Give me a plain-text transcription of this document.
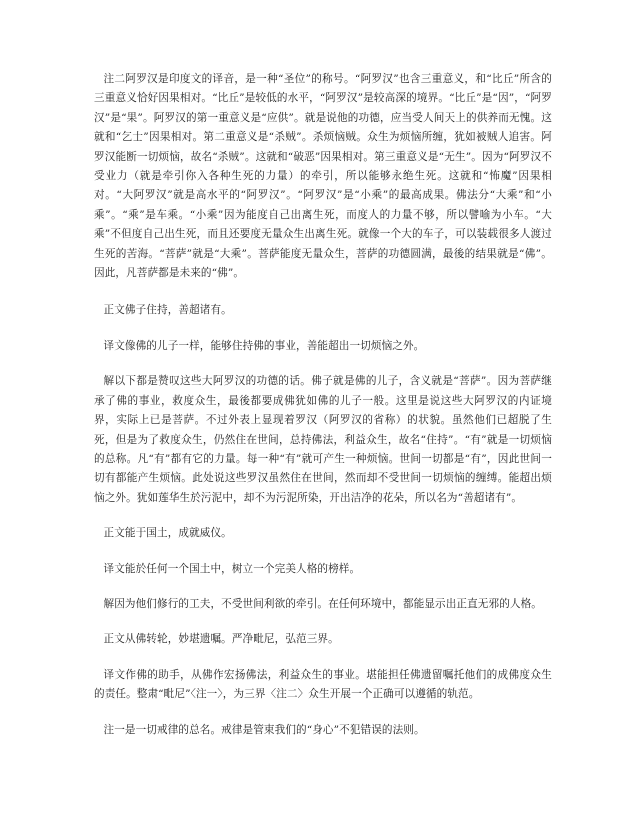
注二阿罗汉是印度文的译音，是一种“圣位”的称号。“阿罗汉”也含三重意义，和“比丘”所含的三重意义恰好因果相对。“比丘”是较低的水平，“阿罗汉”是较高深的境界。“比丘”是“因”，“阿罗汉”是“果”。阿罗汉的第一重意义是“应供”。就是说他的功德，应当受人间天上的供养而无愧。这就和“乞士”因果相对。第二重意义是“杀贼”。杀烦恼贼。众生为烦恼所缠，犹如被贼人追害。阿罗汉能断一切烦恼，故名“杀贼”。这就和“破恶”因果相对。第三重意义是“无生”。因为“阿罗汉不受业力（就是牵引你入各种生死的力量）的牵引，所以能够永绝生死。这就和“怖魔”因果相对。“大阿罗汉”就是高水平的“阿罗汉”。“阿罗汉”是“小乘”的最高成果。佛法分“大乘”和“小乘”。“乘”是车乘。“小乘”因为能度自己出离生死，而度人的力量不够，所以譬喻为小车。“大乘”不但度自己出生死，而且还要度无量众生出离生死。就像一个大的车子，可以装载很多人渡过生死的苦海。“菩萨”就是“大乘”。菩萨能度无量众生，菩萨的功德圆满，最後的结果就是“佛”。因此，凡菩萨都是未来的“佛”。

正文佛子住持，善超诸有。

译文像佛的儿子一样，能够住持佛的事业，善能超出一切烦恼之外。

解以下都是赞叹这些大阿罗汉的功德的话。佛子就是佛的儿子，含义就是“菩萨”。因为菩萨继承了佛的事业，救度众生，最後都要成佛犹如佛的儿子一般。这里是说这些大阿罗汉的内证境界，实际上已是菩萨。不过外表上显现着罗汉（阿罗汉的省称）的状貌。虽然他们已超脱了生死，但是为了救度众生，仍然住在世间，总持佛法，利益众生，故名“住持”。“有”就是一切烦恼的总称。凡“有”都有它的力量。每一种“有”就可产生一种烦恼。世间一切都是“有”，因此世间一切有都能产生烦恼。此处说这些罗汉虽然住在世间，然而却不受世间一切烦恼的缠缚。能超出烦恼之外。犹如莲华生於污泥中，却不为污泥所染，开出洁净的花朵，所以名为“善超诸有”。

正文能于国土，成就威仪。

译文能於任何一个国土中，树立一个完美人格的榜样。

解因为他们修行的工夫，不受世间利欲的牵引。在任何环境中，都能显示出正直无邪的人格。

正文从佛转轮，妙堪遗嘱。严净毗尼，弘范三界。

译文作佛的助手，从佛作宏扬佛法，利益众生的事业。堪能担任佛遗留嘱托他们的成佛度众生的责任。整肃“毗尼”〈注一〉，为三界〈注二〉众生开展一个正确可以遵循的轨范。

注一是一切戒律的总名。戒律是管束我们的“身心”不犯错误的法则。
